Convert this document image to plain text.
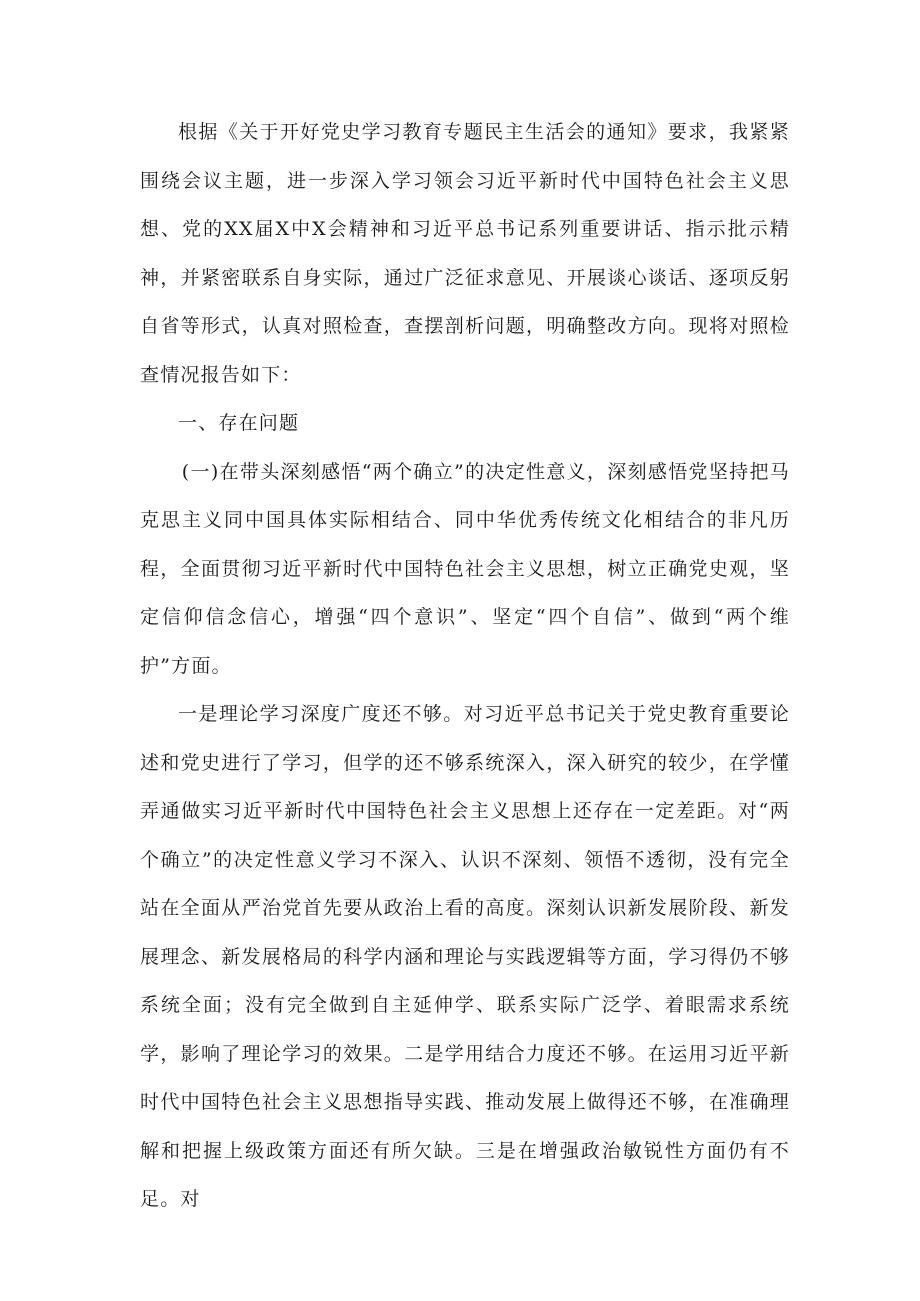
根据《关于开好党史学习教育专题民主生活会的通知》要求，我紧紧围绕会议主题，进一步深入学习领会习近平新时代中国特色社会主义思想、党的XX届X中X会精神和习近平总书记系列重要讲话、指示批示精神，并紧密联系自身实际，通过广泛征求意见、开展谈心谈话、逐项反躬自省等形式，认真对照检查，查摆剖析问题，明确整改方向。现将对照检查情况报告如下：

一、存在问题

(一)在带头深刻感悟“两个确立”的决定性意义，深刻感悟党坚持把马克思主义同中国具体实际相结合、同中华优秀传统文化相结合的非凡历程，全面贯彻习近平新时代中国特色社会主义思想，树立正确党史观，坚定信仰信念信心，增强“四个意识”、坚定“四个自信”、做到“两个维护”方面。

一是理论学习深度广度还不够。对习近平总书记关于党史教育重要论述和党史进行了学习，但学的还不够系统深入，深入研究的较少，在学懂弄通做实习近平新时代中国特色社会主义思想上还存在一定差距。对“两个确立”的决定性意义学习不深入、认识不深刻、领悟不透彻，没有完全站在全面从严治党首先要从政治上看的高度。深刻认识新发展阶段、新发展理念、新发展格局的科学内涵和理论与实践逻辑等方面，学习得仍不够系统全面；没有完全做到自主延伸学、联系实际广泛学、着眼需求系统学，影响了理论学习的效果。二是学用结合力度还不够。在运用习近平新时代中国特色社会主义思想指导实践、推动发展上做得还不够，在准确理解和把握上级政策方面还有所欠缺。三是在增强政治敏锐性方面仍有不足。对
